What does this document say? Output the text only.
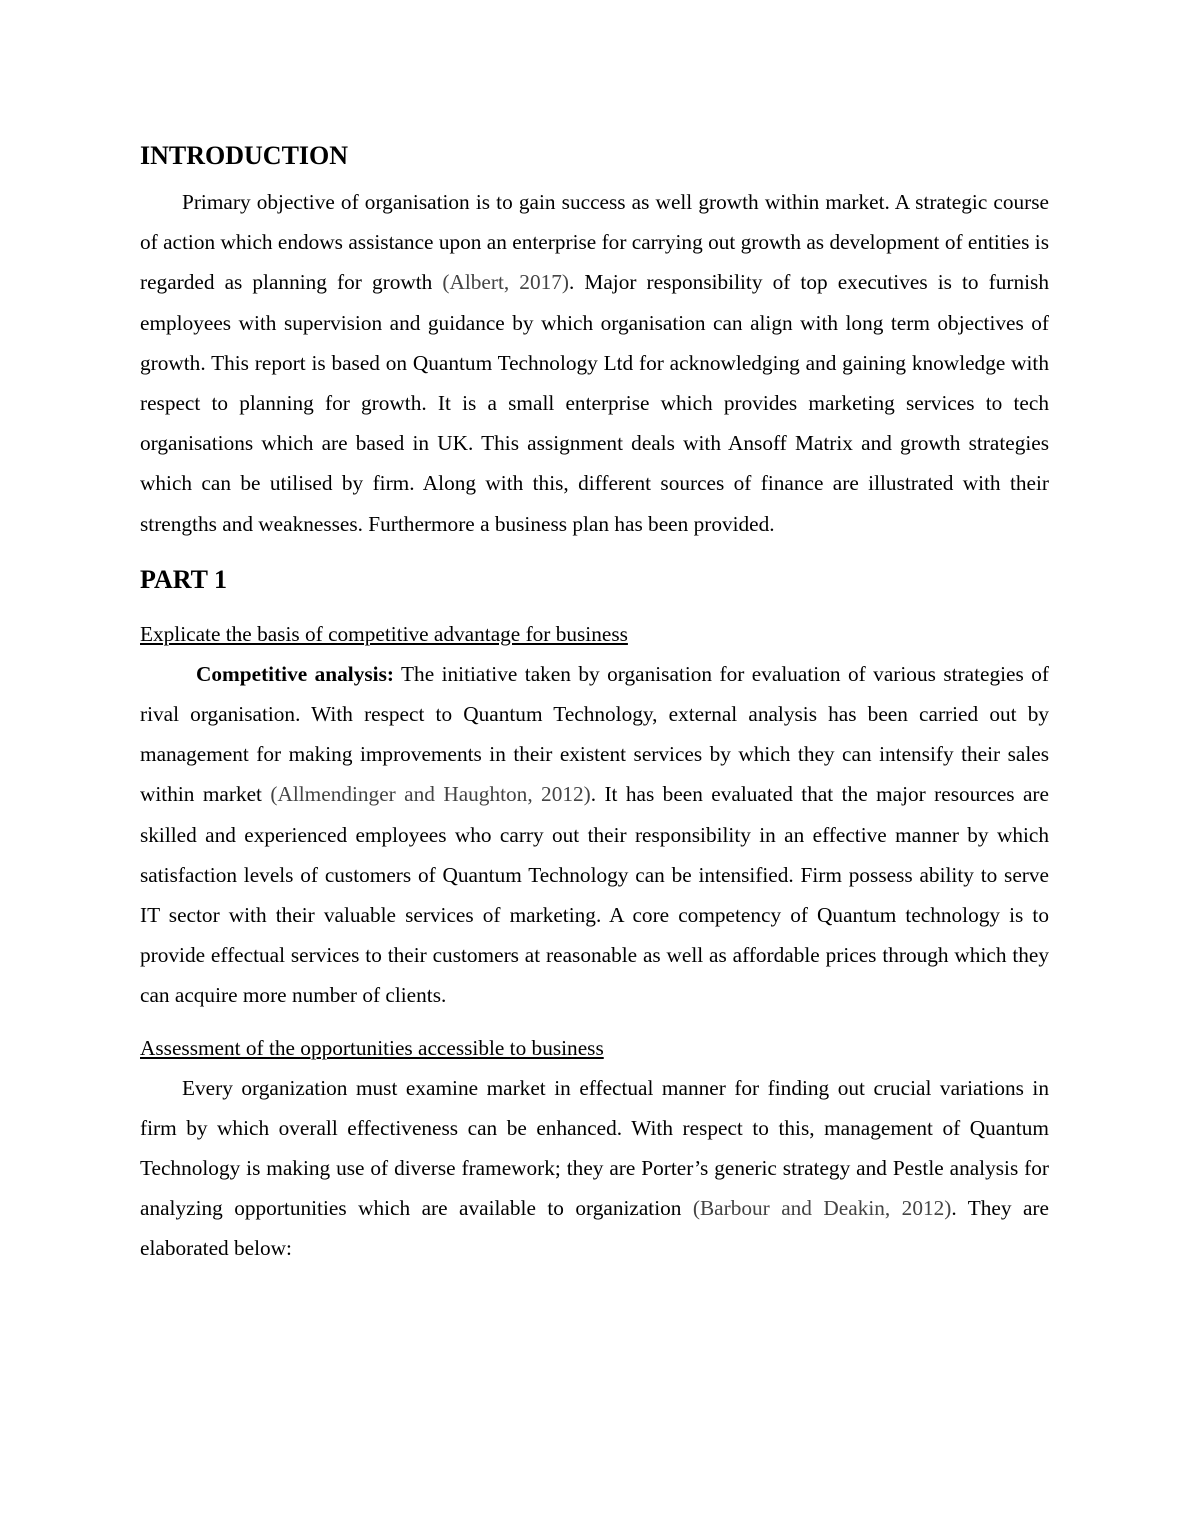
INTRODUCTION

Primary objective of organisation is to gain success as well growth within market. A strategic course of action which endows assistance upon an enterprise for carrying out growth as development of entities is regarded as planning for growth (Albert, 2017). Major responsibility of top executives is to furnish employees with supervision and guidance by which organisation can align with long term objectives of growth. This report is based on Quantum Technology Ltd for acknowledging and gaining knowledge with respect to planning for growth. It is a small enterprise which provides marketing services to tech organisations which are based in UK. This assignment deals with Ansoff Matrix and growth strategies which can be utilised by firm. Along with this, different sources of finance are illustrated with their strengths and weaknesses. Furthermore a business plan has been provided.

PART 1
Explicate the basis of competitive advantage for business

Competitive analysis: The initiative taken by organisation for evaluation of various strategies of rival organisation. With respect to Quantum Technology, external analysis has been carried out by management for making improvements in their existent services by which they can intensify their sales within market (Allmendinger and Haughton, 2012). It has been evaluated that the major resources are skilled and experienced employees who carry out their responsibility in an effective manner by which satisfaction levels of customers of Quantum Technology can be intensified. Firm possess ability to serve IT sector with their valuable services of marketing. A core competency of Quantum technology is to provide effectual services to their customers at reasonable as well as affordable prices through which they can acquire more number of clients.

Assessment of the opportunities accessible to business

Every organization must examine market in effectual manner for finding out crucial variations in firm by which overall effectiveness can be enhanced. With respect to this, management of Quantum Technology is making use of diverse framework; they are Porter’s generic strategy and Pestle analysis for analyzing opportunities which are available to organization (Barbour and Deakin, 2012). They are elaborated below:
